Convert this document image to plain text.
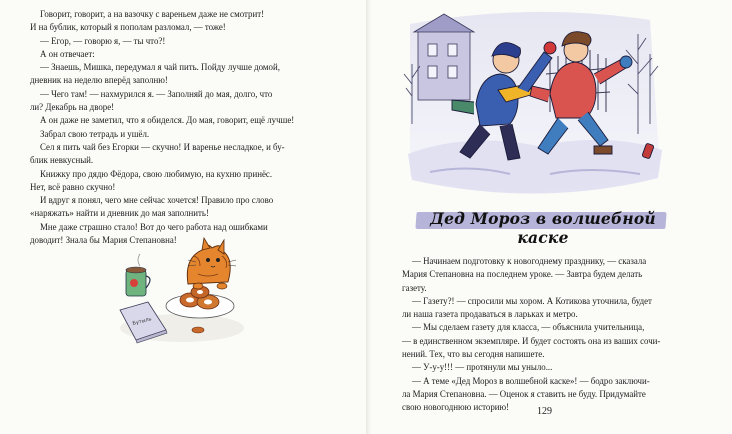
Говорит, говорит, а на вазочку с вареньем даже не смотрит!

И на бублик, который я пополам разломал, — тоже!

— Егор, — говорю я, — ты что?!

А он отвечает:

— Знаешь, Мишка, передумал я чай пить. Пойду лучше домой,

дневник на неделю вперёд заполню!

— Чего там! — нахмурился я. — Заполняй до мая, долго, что

ли? Декабрь на дворе!

А он даже не заметил, что я обиделся. До мая, говорит, ещё лучше!

Забрал свою тетрадь и ушёл.

Сел я пить чай без Егорки — скучно! И варенье несладкое, и бу-

блик невкусный.

Книжку про дядю Фёдора, свою любимую, на кухню принёс.

Нет, всё равно скучно!

И вдруг я понял, чего мне сейчас хочется! Правило про слово

«наряжать» найти и дневник до мая заполнить!

Мне даже страшно стало! Вот до чего работа над ошибками

доводит! Знала бы Мария Степановна!

Бутыль
Дед Мороз в волшебной каске

— Начинаем подготовку к новогоднему празднику, — сказала

Мария Степановна на последнем уроке. — Завтра будем делать

газету.

— Газету?! — спросили мы хором. А Котикова уточнила, будет

ли наша газета продаваться в ларьках и метро.

— Мы сделаем газету для класса, — объяснила учительница,

— в единственном экземпляре. И будет состоять она из ваших сочи-

нений. Тех, что вы сегодня напишете.

— У-у-у!!! — протянули мы уныло...

— А теме «Дед Мороз в волшебной каске»! — бодро заключи-

ла Мария Степановна. — Оценок я ставить не буду. Придумайте

свою новогоднюю историю!	129
